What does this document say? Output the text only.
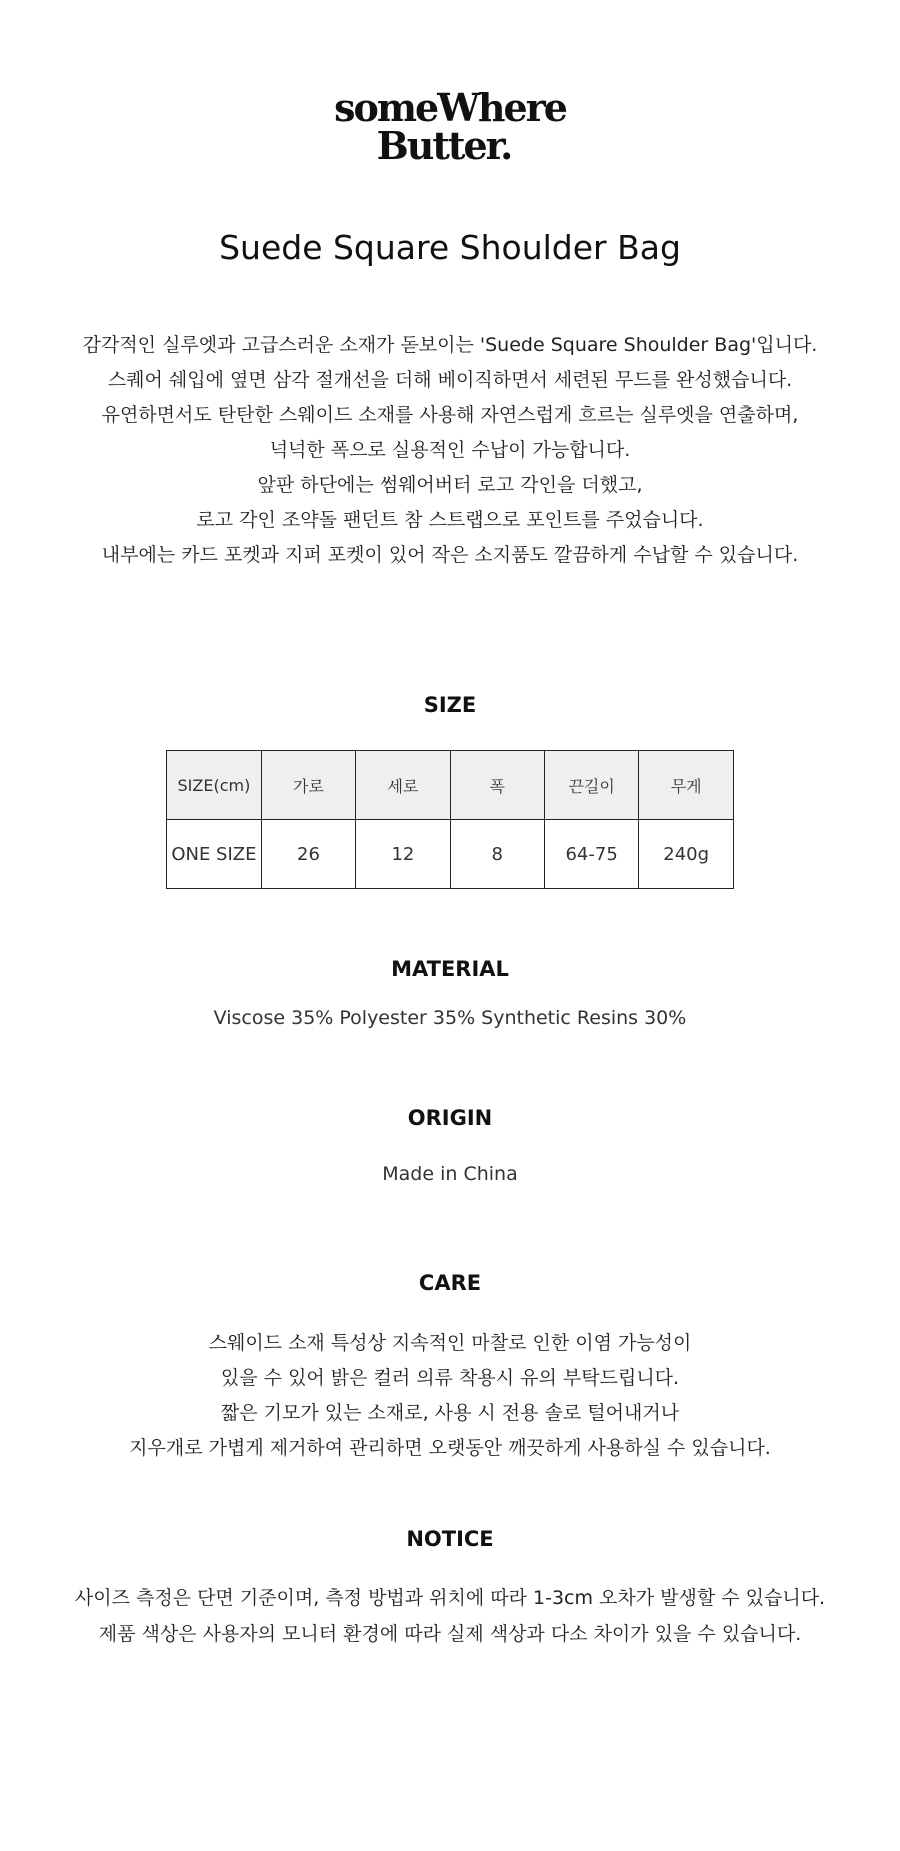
someWhere
Butter.
Suede Square Shoulder Bag

감각적인 실루엣과 고급스러운 소재가 돋보이는 'Suede Square Shoulder Bag'입니다.

스퀘어 쉐입에 옆면 삼각 절개선을 더해 베이직하면서 세련된 무드를 완성했습니다.

유연하면서도 탄탄한 스웨이드 소재를 사용해 자연스럽게 흐르는 실루엣을 연출하며,

넉넉한 폭으로 실용적인 수납이 가능합니다.

앞판 하단에는 썸웨어버터 로고 각인을 더했고,

로고 각인 조약돌 팬던트 참 스트랩으로 포인트를 주었습니다.

내부에는 카드 포켓과 지퍼 포켓이 있어 작은 소지품도 깔끔하게 수납할 수 있습니다.

SIZE
SIZE(cm)	가로	세로	폭	끈길이	무게
ONE SIZE	26	12	8	64-75	240g
MATERIAL
Viscose 35% Polyester 35% Synthetic Resins 30%
ORIGIN
Made in China
CARE

스웨이드 소재 특성상 지속적인 마찰로 인한 이염 가능성이

있을 수 있어 밝은 컬러 의류 착용시 유의 부탁드립니다.

짧은 기모가 있는 소재로, 사용 시 전용 솔로 털어내거나

지우개로 가볍게 제거하여 관리하면 오랫동안 깨끗하게 사용하실 수 있습니다.

NOTICE

사이즈 측정은 단면 기준이며, 측정 방법과 위치에 따라 1-3cm 오차가 발생할 수 있습니다.

제품 색상은 사용자의 모니터 환경에 따라 실제 색상과 다소 차이가 있을 수 있습니다.
